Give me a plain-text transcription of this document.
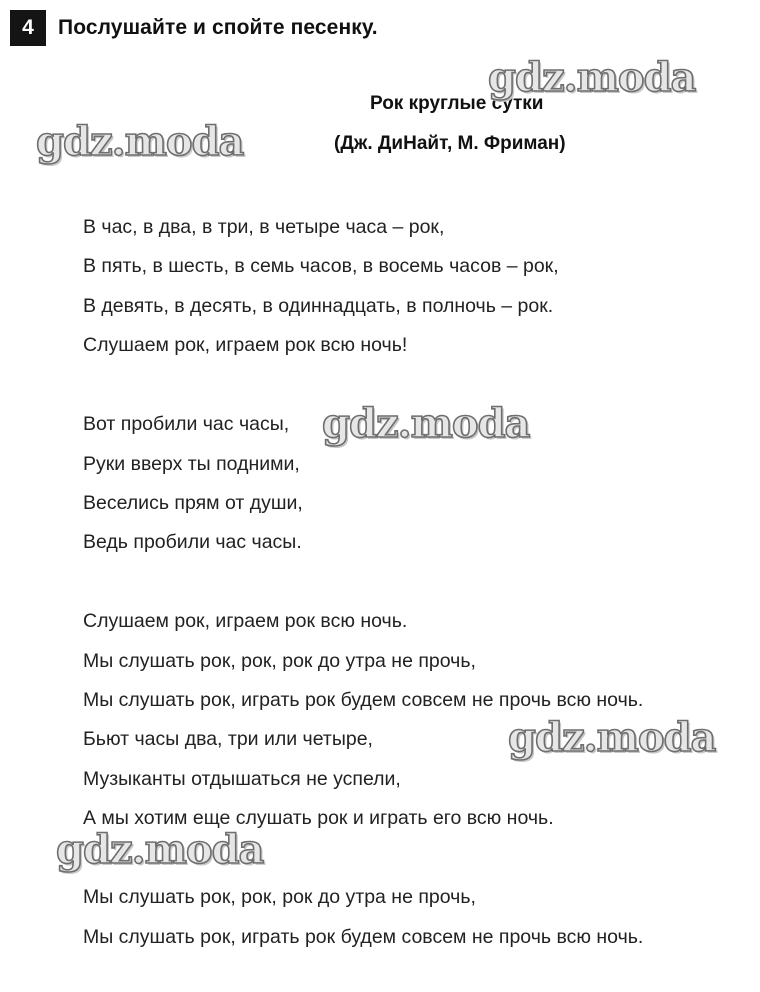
4	Послушайте и спойте песенку.
Рок круглые сутки
(Дж. ДиНайт, М. Фриман)
В час, в два, в три, в четыре часа – рок,
В пять, в шесть, в семь часов, в восемь часов – рок,
В девять, в десять, в одиннадцать, в полночь – рок.
Слушаем рок, играем рок всю ночь!
Вот пробили час часы,
Руки вверх ты подними,
Веселись прям от души,
Ведь пробили час часы.
Слушаем рок, играем рок всю ночь.
Мы слушать рок, рок, рок до утра не прочь,
Мы слушать рок, играть рок будем совсем не прочь всю ночь.
Бьют часы два, три или четыре,
Музыканты отдышаться не успели,
А мы хотим еще слушать рок и играть его всю ночь.
Мы слушать рок, рок, рок до утра не прочь,
Мы слушать рок, играть рок будем совсем не прочь всю ночь.
gdz.moda
gdz.moda
gdz.moda
gdz.moda
gdz.moda
